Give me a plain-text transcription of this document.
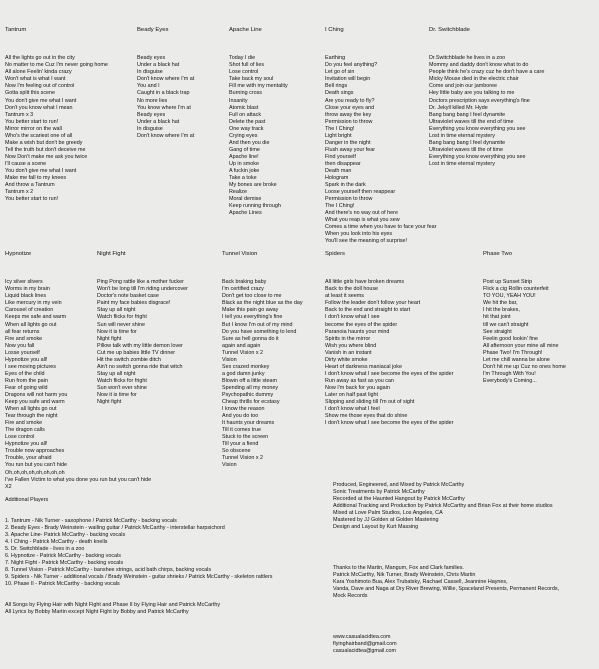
Tantrum

All the lights go out in the city
No matter to me Cuz I'm never going home
All alone Feelin' kinda crazy
Won't what is what I want
Now I'm feeling out of control
Gotta split this scene
You don't give me what I want
Don't you know what I mean
Tantrum x 3
You better start to run!
Mirror mirror on the wall
Who's the scariest one of all
Make a wish but don't be greedy
Tell the truth but don't deceive me
Now Don't make me ask you twice
I'll cause a scene
You don't give me what I want
Make me fall to my knees
And throw a Tantrum
Tantrum x 2
You better start to run!

Beady Eyes

Beady eyes
Under a black hat
In disguise
Don't know where I'm at
You and I
Caught in a black trap
No more lies
You know where I'm at
Beady eyes
Under a black hat
In disguise
Don't know where I'm at

Apache Line

Today I die
Shot full of lies
Lose control
Take back my soul
Fill me with my mentality
Burning cross
Insanity
Atomic blast
Full on attack
Delete the past
One way track
Crying eyes
And then you die
Gang of time
Apache line!
Up in smoke
A fuckin joke
Take a toke
My bones are broke
Realize
Moral demise
Keep running through
Apache Lines

I Ching

Earthing
Do you feel anything?
Let go of sin
Invitation will begin
Bell rings
Death sings
Are you ready to fly?
Close your eyes and
throw away the key
Permission to throw
The I Ching!
Light bright
Danger in the night
Flush away your fear
Find yourself
then disappear
Death man
Hologram
Spark in the dark
Loose yourself then reappear
Permission to throw
The I Ching!
And there's no way out of here
What you reap is what you sew
Comes a time when you have to face your fear
When you look into his eyes
You'll see the meaning of surprise!

Dr. Switchblade

Dr.Switchblade he lives in a zoo
Mommy and daddy don't know what to do
People think he's crazy cuz he don't have a care
Micky Mouse died in the electric chair
Come and join our jamboree
Hey little baby are you talking to me
Doctors prescription says everything's fine
Dr. Jekyll killed Mr. Hyde
Bang bang bang I feel dynamite
Ultraviolet waves till the end of time
Everything you know everything you see
Lost in time eternal mystery
Bang bang bang I feel dynamite
Ultraviolet waves till the of time
Everything you know everything you see
Lost in time eternal mystery

Hypnotize

Icy silver slivers
Worms in my brain
Liquid black lines
Like mercury in my vein
Carousel of creation
Keeps me safe and warm
When all lights go out
all fear returns
Fire and smoke
Now you fall
Losse yourself
Hypnotize you all!
I see moving pictures
Eyes of the child
Run from the pain
Fear of going wild
Dragons will not harm you
Keep you safe and warm
When all lights go out
Tear through the night
Fire and smoke
The dragon calls
Lose control
Hypnotize you all!
Trouble now approaches
Trouble, your afraid
You run but you can't hide
Oh,oh,oh,oh,oh,oh,oh,oh
I've Fallen Victim to what you done you run but you can't hide
X2

Night Fight

Ping Pong rattle like a mother fucker
Won't be long till I'm riding undercover
Doctor's note basket case
Paint my face babies disgrace!
Stay up all night
Watch flicks for fright
Sun will never shine
Now it is time for
Night fight
Pillow talk with my little demon lover
Cut me up babies little TV dinner
Hit the switch zombie ditch
Ain't no switch gonna ride that witch
Stay up all night
Watch flicks for fright
Sun won't ever shine
Now it is time for
Night fight

Tunnel Vision

Back braking baby
I'm certified crazy
Don't get too close to me
Black as the night blue as the day
Make this pain go away
I tell you everything's fine
But I know I'm out of my mind
Do you have something to lend
Sure as hell gonna do it
again and again
Tunnel Vision x 2
Vision
Sex crazed monkey
a god damn junky
Blowin off a little steam
Spending all my money
Psychopathic dummy
Cheap thrills for ecstasy
I know the reason
And you do too
It haunts your dreams
Till it comes true
Stuck to the screen
Till your a fiend
So obscene
Tunnel Vision x 2
Vision

Spiders

All little girls have broken dreams
Back to the doll house
at least it seems
Follow the leader don't follow your heart
Back to the end and straight to start
I don't know what I see
become the eyes of the spider
Paranoia haunts your mind
Spirits in the mirror
Wish you where blind
Vanish in an instant
Dirty white smoke
Heart of darkness maniacal joke
I don't know what I see become the eyes of the spider
Run away as fast as you can
Now I'm back for you again
Later on half past light
Slipping and sliding till I'm out of sight
I don't know what I feel
Show me those eyes that do shine
I don't know what I see become the eyes of the spider

Phase Two

Post up Sunset Strip
Flick a cig Rollin counterfeit
TO YOU, YEAH YOU!
We hit the bar,
I hit the brakes,
hit that joint
till we can't straight
See straight
Feelin good lookin' fine
All afternoon your mine all mine
Phase Two! I'm Through!
Let me chill wanna be alone
Don't hit me up Cuz no ones home
I'm Through With You!
Everybody's Coming...

Additional Players

1. Tantrum - Nik Turner - saxophone / Patrick McCarthy - backing vocals
2. Beady Eyes - Brady Weinstein - wailing guitar / Patrick McCarthy - interstellar harpsichord
3. Apache Line- Patrick McCarthy - backing vocals
4. I Ching - Patrick McCarthy - death knells
5. Dr. Switchblade - lives in a zoo
6. Hypnotize - Patrick McCarthy - backing vocals
7. Night Fight - Patrick McCarthy - backing vocals
8. Tunnel Vision - Patrick McCarthy - banshee strings, acid bath chirps, backing vocals
9. Spiders - Nik Turner - additional vocals / Brady Weinstein - guitar shrieks / Patrick McCarthy - skeleton rattlers
10. Phase II - Patrick McCarthy - backing vocals

All Songs by Flying Hair with Night Fight and Phase II by Flying Hair and Patrick McCarthy
All Lyrics by Bobby Martin except Night Fight by Bobby and Patrick McCarthy

Produced, Engineered, and Mixed by Patrick McCarthy
Sonic Treatments by Patrick McCarthy
Recorded at the Haunted Hangout by Patrick McCarthy
Additional Tracking and Production by Patrick McCarthy and Brian Fox at their home studios
Mixed at Love Palm Studios, Los Angeles, CA
Mastered by JJ Golden at Golden Mastering
Design and Layout by Kurt Massing

Thanks to the Martin, Mangum, Fox and Clark families.
Patrick McCarthy, Nik Turner, Brady Weinstein, Chris Martin
Kara Yoshimoto Bua, Alex Trubatsky, Rachael Cassell, Jeannine Haynes,
Vanda, Dave and Naga at Dry River Brewing, Willie, Spaceland Presents, Permanent Records,
Mock Records

www.casualacidtea.com
flyinghairband@gmail.com
casualacidtea@gmail.com
